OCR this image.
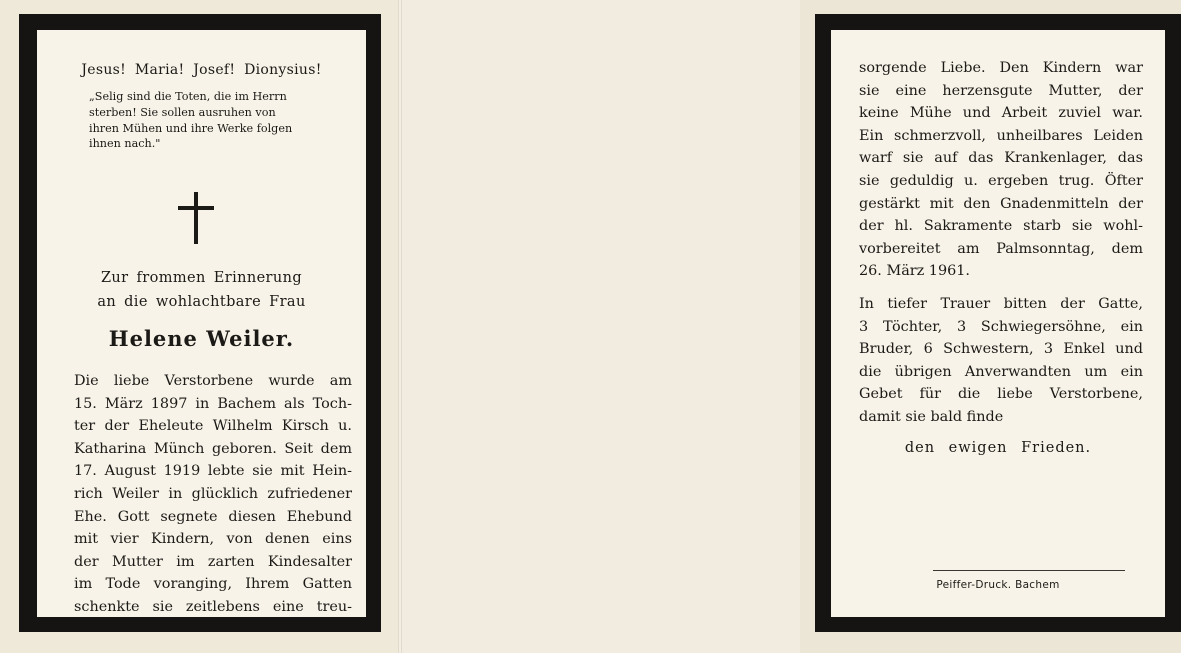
Jesus! Maria! Josef! Dionysius!
„Selig sind die Toten, die im Herrn
sterben! Sie sollen ausruhen von
ihren Mühen und ihre Werke folgen
ihnen nach."
Zur frommen Erinnerung
an die wohlachtbare Frau
Helene Weiler.
Die liebe Verstorbene wurde am
15. März 1897 in Bachem als Toch-
ter der Eheleute Wilhelm Kirsch u.
Katharina Münch geboren. Seit dem
17. August 1919 lebte sie mit Hein-
rich Weiler in glücklich zufriedener
Ehe. Gott segnete diesen Ehebund
mit vier Kindern, von denen eins
der Mutter im zarten Kindesalter
im Tode voranging, Ihrem Gatten
schenkte sie zeitlebens eine treu-
sorgende Liebe. Den Kindern war
sie eine herzensgute Mutter, der
keine Mühe und Arbeit zuviel war.
Ein schmerzvoll, unheilbares Leiden
warf sie auf das Krankenlager, das
sie geduldig u. ergeben trug. Öfter
gestärkt mit den Gnadenmitteln der
der hl. Sakramente starb sie wohl-
vorbereitet am Palmsonntag, dem
26. März 1961.
In tiefer Trauer bitten der Gatte,
3 Töchter, 3 Schwiegersöhne, ein
Bruder, 6 Schwestern, 3 Enkel und
die übrigen Anverwandten um ein
Gebet für die liebe Verstorbene,
damit sie bald finde
den ewigen Frieden.
Peiffer-Druck. Bachem
